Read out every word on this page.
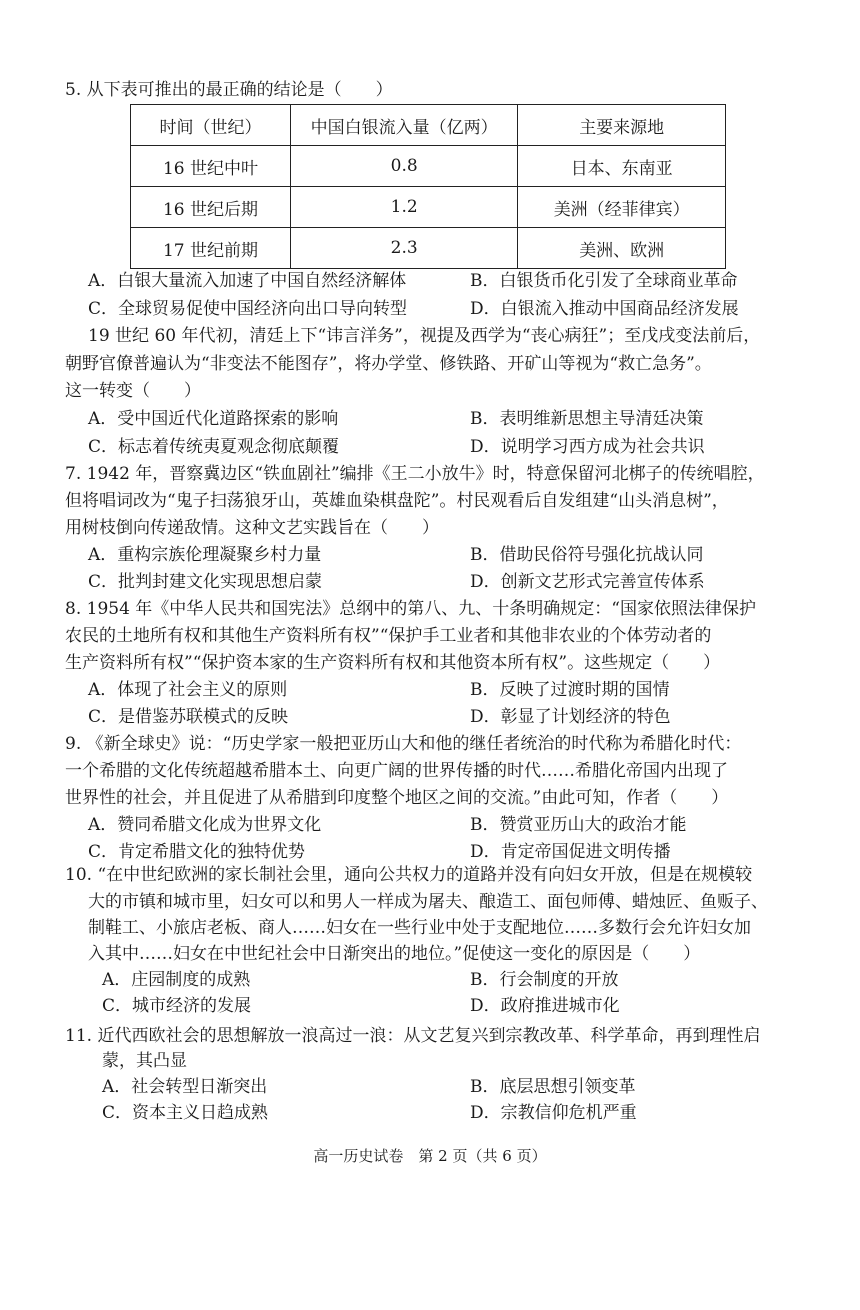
5. 从下表可推出的最正确的结论是（　　）
时间（世纪）	中国白银流入量（亿两）	主要来源地
16 世纪中叶	0.8	日本、东南亚
16 世纪后期	1.2	美洲（经菲律宾）
17 世纪前期	2.3	美洲、欧洲
A．白银大量流入加速了中国自然经济解体	B．白银货币化引发了全球商业革命
C．全球贸易促使中国经济向出口导向转型	D．白银流入推动中国商品经济发展
19 世纪 60 年代初，清廷上下“讳言洋务”，视提及西学为“丧心病狂”；至戊戌变法前后，
朝野官僚普遍认为“非变法不能图存”，将办学堂、修铁路、开矿山等视为“救亡急务”。
这一转变（　　）
A．受中国近代化道路探索的影响	B．表明维新思想主导清廷决策
C．标志着传统夷夏观念彻底颠覆	D．说明学习西方成为社会共识
7. 1942 年，晋察冀边区“铁血剧社”编排《王二小放牛》时，特意保留河北梆子的传统唱腔，
但将唱词改为“鬼子扫荡狼牙山，英雄血染棋盘陀”。村民观看后自发组建“山头消息树”，
用树枝倒向传递敌情。这种文艺实践旨在（　　）
A．重构宗族伦理凝聚乡村力量	B．借助民俗符号强化抗战认同
C．批判封建文化实现思想启蒙	D．创新文艺形式完善宣传体系
8. 1954 年《中华人民共和国宪法》总纲中的第八、九、十条明确规定：“国家依照法律保护
农民的土地所有权和其他生产资料所有权”“保护手工业者和其他非农业的个体劳动者的
生产资料所有权”“保护资本家的生产资料所有权和其他资本所有权”。这些规定（　　）
A．体现了社会主义的原则	B．反映了过渡时期的国情
C．是借鉴苏联模式的反映	D．彰显了计划经济的特色
9. 《新全球史》说：“历史学家一般把亚历山大和他的继任者统治的时代称为希腊化时代：
一个希腊的文化传统超越希腊本土、向更广阔的世界传播的时代……希腊化帝国内出现了
世界性的社会，并且促进了从希腊到印度整个地区之间的交流。”由此可知，作者（　　）
A．赞同希腊文化成为世界文化	B．赞赏亚历山大的政治才能
C．肯定希腊文化的独特优势	D．肯定帝国促进文明传播
10. “在中世纪欧洲的家长制社会里，通向公共权力的道路并没有向妇女开放，但是在规模较
大的市镇和城市里，妇女可以和男人一样成为屠夫、酿造工、面包师傅、蜡烛匠、鱼贩子、
制鞋工、小旅店老板、商人……妇女在一些行业中处于支配地位……多数行会允许妇女加
入其中……妇女在中世纪社会中日渐突出的地位。”促使这一变化的原因是（　　）
A．庄园制度的成熟	B．行会制度的开放
C．城市经济的发展	D．政府推进城市化
11. 近代西欧社会的思想解放一浪高过一浪：从文艺复兴到宗教改革、科学革命，再到理性启
蒙，其凸显
A．社会转型日渐突出	B．底层思想引领变革
C．资本主义日趋成熟	D．宗教信仰危机严重
高一历史试卷　第 2 页（共 6 页）
